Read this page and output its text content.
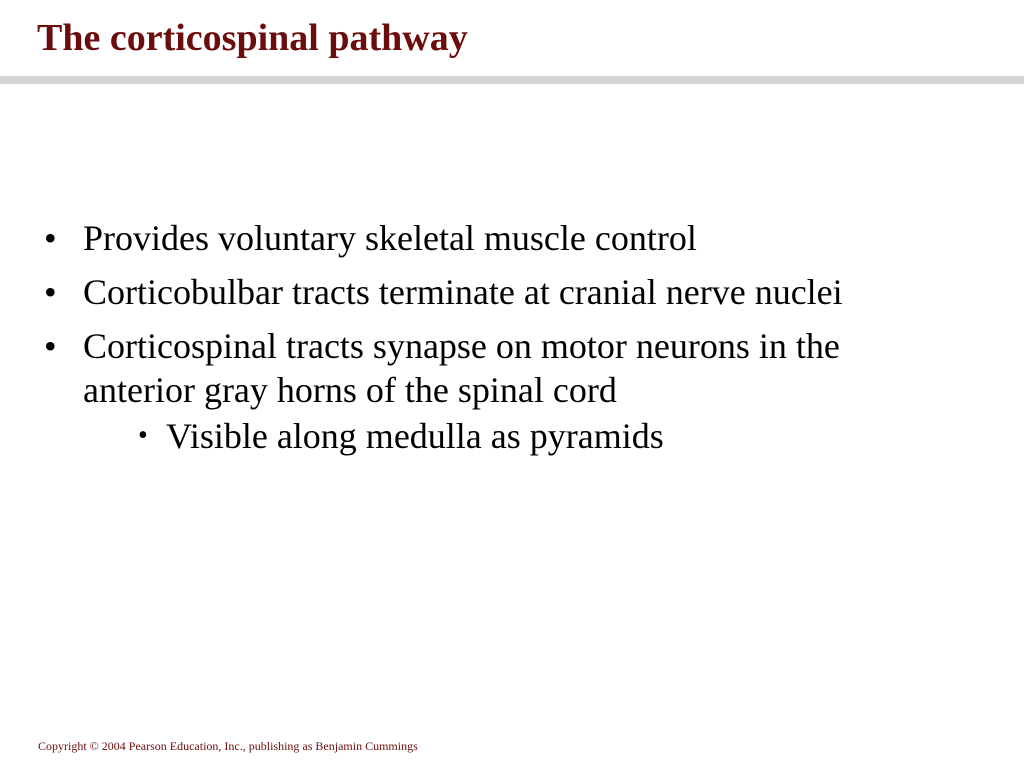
The corticospinal pathway
• Provides voluntary skeletal muscle control
• Corticobulbar tracts terminate at cranial nerve nuclei
• Corticospinal tracts synapse on motor neurons in the anterior gray horns of the spinal cord
• Visible along medulla as pyramids
Copyright © 2004 Pearson Education, Inc., publishing as Benjamin Cummings
